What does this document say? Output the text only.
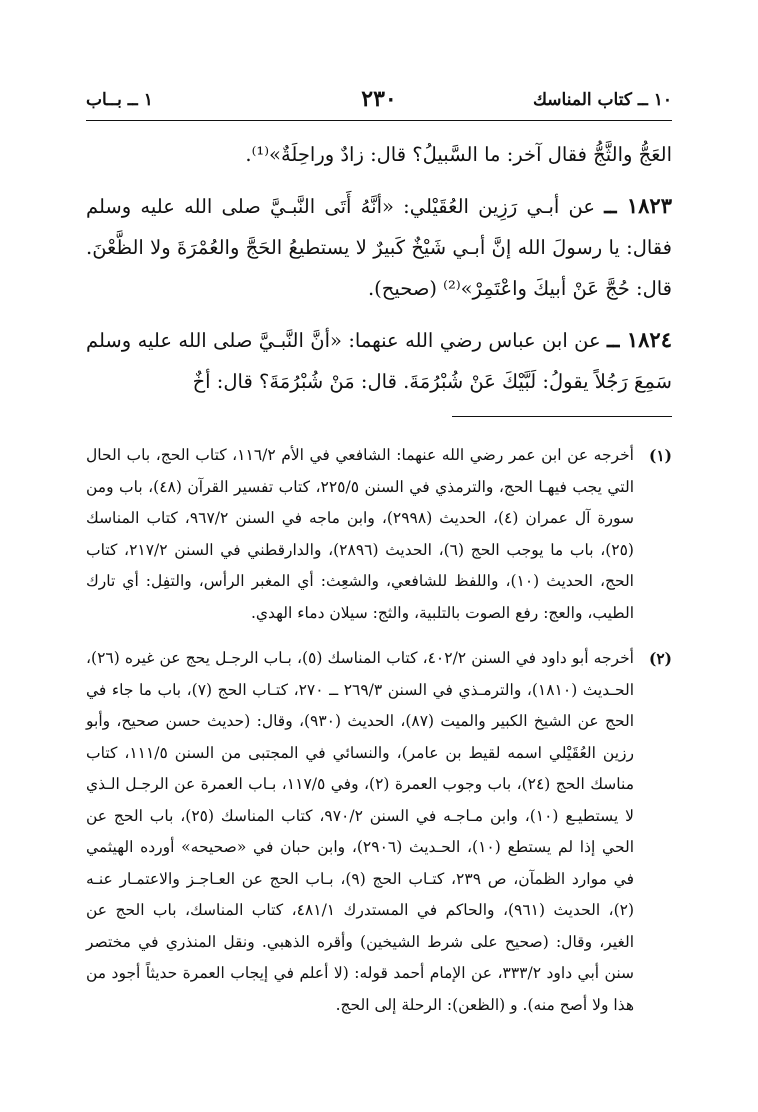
١٠ ــ كتاب المناسك
٢٣٠
١ ــ بــاب

العَجُّ والثَّجُّ فقال آخر: ما السَّبيلُ؟ قال: زادٌ وراحِلَةٌ»⁽¹⁾.

١٨٢٣ ــ عن أبـي رَزِين العُقَيْلي: «أنَّهُ أَتَى النَّبـيَّ صلى الله عليه وسلم فقال: يا رسولَ الله إنَّ أبـي شَيْخٌ كَبيرٌ لا يستطيعُ الحَجَّ والعُمْرَةَ ولا الظَّعْنَ. قال: حُجَّ عَنْ أبيكَ واعْتَمِرْ»⁽²⁾ (صحيح).

١٨٢٤ ــ عن ابن عباس رضي الله عنهما: «أنَّ النَّبـيَّ صلى الله عليه وسلم سَمِعَ رَجُلاً يقولُ: لَبَّيْكَ عَنْ شُبْرُمَةَ. قال: مَنْ شُبْرُمَةَ؟ قال: أخٌ

(١)
أخرجه عن ابن عمر رضي الله عنهما: الشافعي في الأم ١١٦/٢، كتاب الحج، باب الحال التي يجب فيهـا الحج، والترمذي في السنن ٢٢٥/٥، كتاب تفسير القرآن (٤٨)، باب ومن سورة آل عمران (٤)، الحديث (٢٩٩٨)، وابن ماجه في السنن ٩٦٧/٢، كتاب المناسك (٢٥)، باب ما يوجب الحج (٦)، الحديث (٢٨٩٦)، والدارقطني في السنن ٢١٧/٢، كتاب الحج، الحديث (١٠)، واللفظ للشافعي، والشعِث: أي المغبر الرأس، والتفِل: أي تارك الطيب، والعج: رفع الصوت بالتلبية، والثج: سيلان دماء الهدي.
(٢)
أخرجه أبو داود في السنن ٤٠٢/٢، كتاب المناسك (٥)، بـاب الرجـل يحج عن غيره (٢٦)، الحـديث (١٨١٠)، والترمـذي في السنن ٢٦٩/٣ ــ ٢٧٠، كتـاب الحج (٧)، باب ما جاء في الحج عن الشيخ الكبير والميت (٨٧)، الحديث (٩٣٠)، وقال: (حديث حسن صحيح، وأبو رزين العُقَيْلي اسمه لقيط بن عامر)، والنسائي في المجتبى من السنن ١١١/٥، كتاب مناسك الحج (٢٤)، باب وجوب العمرة (٢)، وفي ١١٧/٥، بـاب العمرة عن الرجـل الـذي لا يستطيـع (١٠)، وابن مـاجـه في السنن ٩٧٠/٢، كتاب المناسك (٢٥)، باب الحج عن الحي إذا لم يستطع (١٠)، الحـديث (٢٩٠٦)، وابن حبان في «صحيحه» أورده الهيثمي في موارد الظمآن، ص ٢٣٩، كتـاب الحج (٩)، بـاب الحج عن العـاجـز والاعتمـار عنـه (٢)، الحديث (٩٦١)، والحاكم في المستدرك ٤٨١/١، كتاب المناسك، باب الحج عن الغير، وقال: (صحيح على شرط الشيخين) وأقره الذهبي. ونقل المنذري في مختصر سنن أبي داود ٣٣٣/٢، عن الإمام أحمد قوله: (لا أعلم في إيجاب العمرة حديثاً أجود من هذا ولا أصح منه). و (الظعن): الرحلة إلى الحج.
